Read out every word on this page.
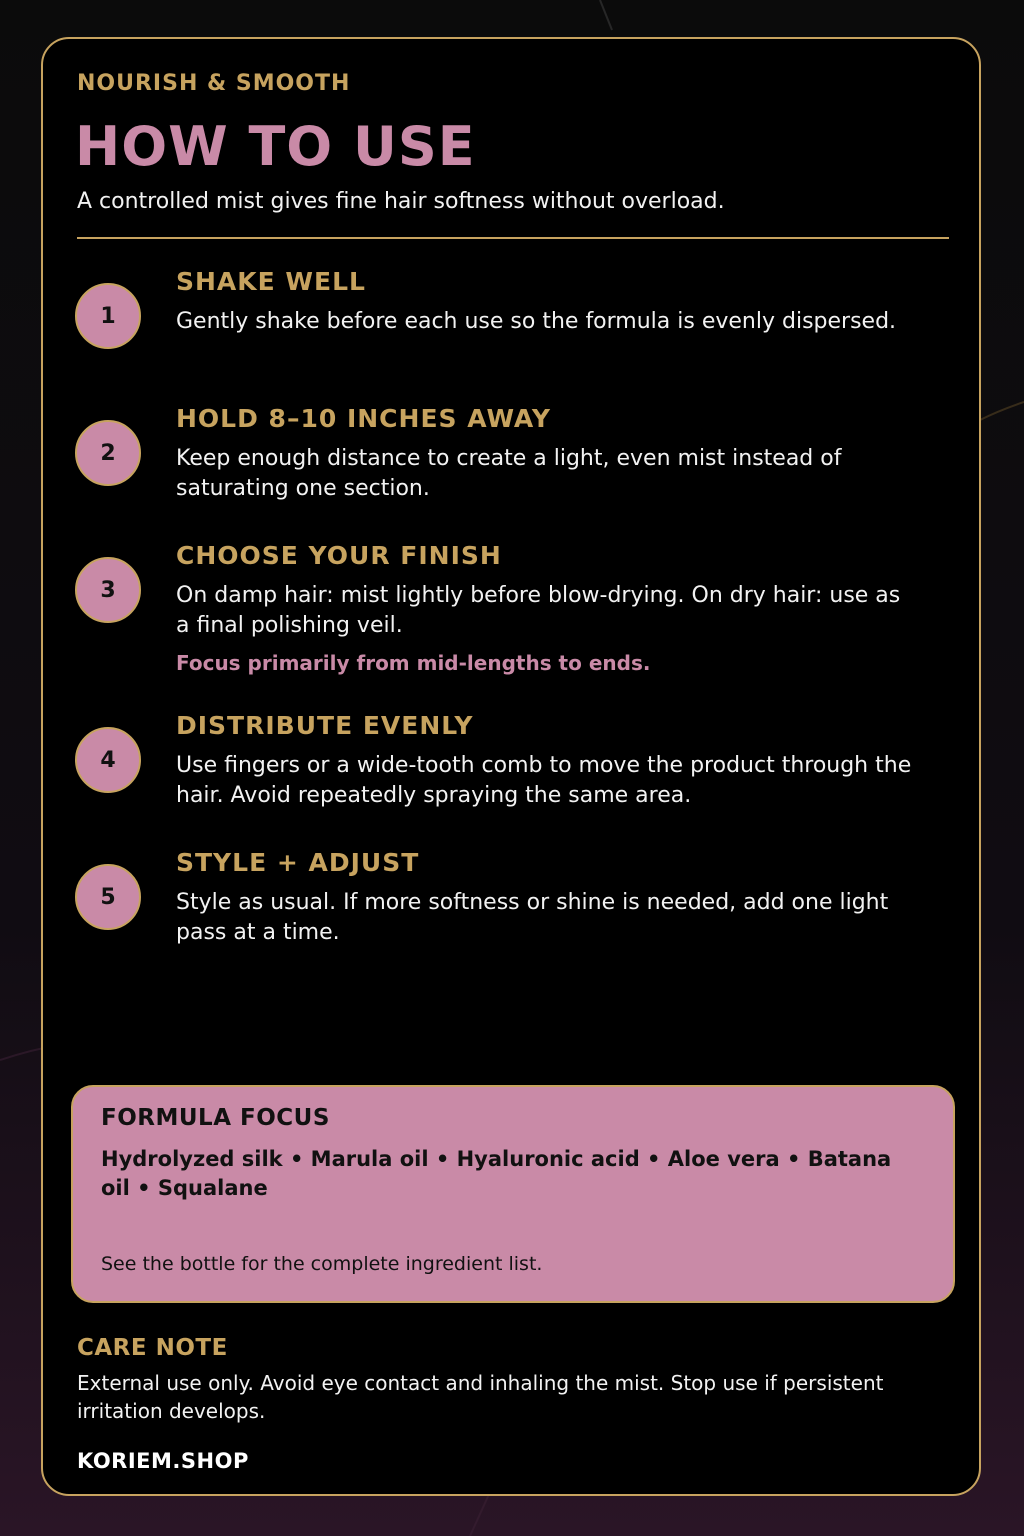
NOURISH & SMOOTH
HOW TO USE
A controlled mist gives fine hair softness without overload.
1
SHAKE WELL
Gently shake before each use so the formula is evenly dispersed.
2
HOLD 8–10 INCHES AWAY
Keep enough distance to create a light, even mist instead of saturating one section.
3
CHOOSE YOUR FINISH
On damp hair: mist lightly before blow-drying. On dry hair: use as a final polishing veil.
Focus primarily from mid-lengths to ends.
4
DISTRIBUTE EVENLY
Use fingers or a wide-tooth comb to move the product through the hair. Avoid repeatedly spraying the same area.
5
STYLE + ADJUST
Style as usual. If more softness or shine is needed, add one light pass at a time.
FORMULA FOCUS
Hydrolyzed silk • Marula oil • Hyaluronic acid • Aloe vera • Batana oil • Squalane
See the bottle for the complete ingredient list.
CARE NOTE
External use only. Avoid eye contact and inhaling the mist. Stop use if persistent irritation develops.
KORIEM.SHOP
